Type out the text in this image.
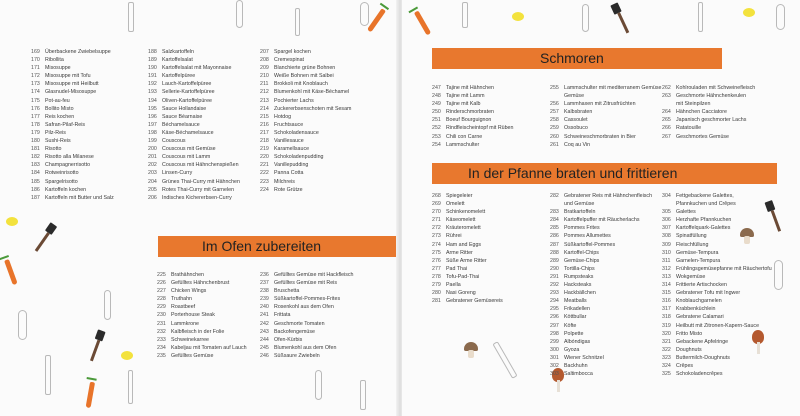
169 Überbackene Zwiebelsuppe
170 Ribollita
171 Misosuppe
172 Misosuppe mit Tofu
173 Misosuppe mit Heilbutt
174 Glasnudel-Misosuppe
175 Pot-au-feu
176 Bollito Misto
177 Reis kochen
178 Safran-Pilaf-Reis
179 Pilz-Reis
180 Sushi-Reis
181 Risotto
182 Risotto alla Milanese
183 Champagnerrisotto
184 Rotweinrisotto
185 Spargelrisotto
186 Kartoffeln kochen
187 Kartoffeln mit Butter und Salz
188 Salzkartoffeln
189 Kartoffelsalat
190 Kartoffelsalat mit Mayonnaise
191 Kartoffelpüree
192 Lauch-Kartoffelpüree
193 Sellerie-Kartoffelpüree
194 Oliven-Kartoffelpüree
195 Sauce Hollandaise
196 Sauce Béarnaise
197 Béchamelsauce
198 Käse-Béchamelsauce
199 Couscous
200 Couscous mit Gemüse
201 Couscous mit Lamm
202 Couscous mit Hähnchenspießen
203 Linsen-Curry
204 Grünes Thai-Curry mit Hähnchen
205 Rotes Thai-Curry mit Garnelen
206 Indisches Kichererbsen-Curry
207 Spargel kochen
208 Cremespinat
209 Blanchierte grüne Bohnen
210 Weiße Bohnen mit Salbei
211	Brokkoli mit Knoblauch
212 Blumenkohl mit Käse-Béchamel
213 Pochierter Lachs
214 Zuckererbsenschoten mit Sesam
215 Hotdog
216 Fruchtsauce
217 Schokoladensauce
218 Vanillesauce
219 Karamellsauce
220 Schokoladenpudding
221 Vanillepudding
222 Panna Cotta
223 Milchreis
224 Rote Grütze
Im Ofen zubereiten
225 Brathähnchen
226 Gefülltes Hähnchenbrust
227 Chicken Wings
228 Truthahn
229 Roastbeef
230 Porterhouse Steak
231 Lammkrone
232 Kalbfleisch in der Folie
233 Schweinekarree
234 Kabeljau mit Tomaten auf Lauch
235 Gefülltes Gemüse
236 Gefülltes Gemüse mit Hackfleisch
237 Gefülltes Gemüse mit Reis
238 Bruschetta
239 Süßkartoffel-Pommes-Frites
240 Rosenkohl aus dem Ofen
241 Frittata
242 Geschmorte Tomaten
243 Backofengemüse
244 Ofen-Kürbis
245 Blumenkohl aus dem Ofen
246 Süßsaure Zwiebeln
Schmoren
247 Tajine mit Hähnchen
248 Tajine mit Lamm
249 Tajine mit Kalb
250 Rinderschmorbraten
251 Boeuf Bourguignon
252 Rindfleischeintopf mit Rüben
253 Chili con Carne
254 Lammschulter
255 Lammschulter mit mediterranem Gemüse
Gemüse
256 Lammhaxen mit Zitrusfrüchten
257 Kalbsbraten
258 Cassoulet
259 Ossobuco
260 Schweineschmorbraten in Bier
261 Coq au Vin
262 Kohlrouladen mit Schweinefleisch
263 Geschmorte Hähnchenkeulen
mit Steinpilzen
264 Hähnchen Cacciatore
265 Japanisch geschmorter Lachs
266 Ratatouille
267 Geschmortes Gemüse
In der Pfanne braten und frittieren
268 Spiegeleier
269 Omelett
270 Schinkenomelett
271 Käseomelett
272 Kräuteromelett
273 Rührei
274 Ham and Eggs
275 Arme Ritter
276 Süße Arme Ritter
277 Pad Thai
278 Tofu-Pad-Thai
279 Paella
280 Nasi Goreng
281 Gebratener Gemüsereis
282 Gebratener Reis mit Hähnchenfleisch
und Gemüse
283 Bratkartoffeln
284 Kartoffelpuffer mit Räucherlachs
285 Pommes Frites
286 Pommes Allumettes
287 Süßkartoffel-Pommes
288 Kartoffel-Chips
289 Gemüse-Chips
290 Tortilla-Chips
291 Rumpsteaks
292 Hacksteaks
293 Hackbällchen
294 Meatballs
295 Frikadellen
296 Köttbullar
297 Köfte
298 Polpette
299 Albóndigas
300 Gyoza
301 Wiener Schnitzel
302 Backhuhn
303 Saltimbocca
304 Fettgebackene Galettes,
Pfannkuchen und Crêpes
305 Galettes
306 Herzhafte Pfannkuchen
307 Kartoffelquark-Galettes
308 Spinatfüllung
309 Fleischfüllung
310 Gemüse-Tempura
311	Garnelen-Tempura
312 Frühlingsgemüsepfanne mit Räuchertofu
313 Wokgemüse
314 Frittierte Artischocken
315 Gebratener Tofu mit Ingwer
316 Knoblauchgarnelen
317 Krabbenküchlein
318 Gebratene Calamari
319 Heilbutt mit Zitronen-Kapern-Sauce
320 Fritto Misto
321 Gebackene Apfelringe
322 Doughnuts
323 Buttermilch-Doughnuts
324 Crêpes
325 Schokoladencrêpes
